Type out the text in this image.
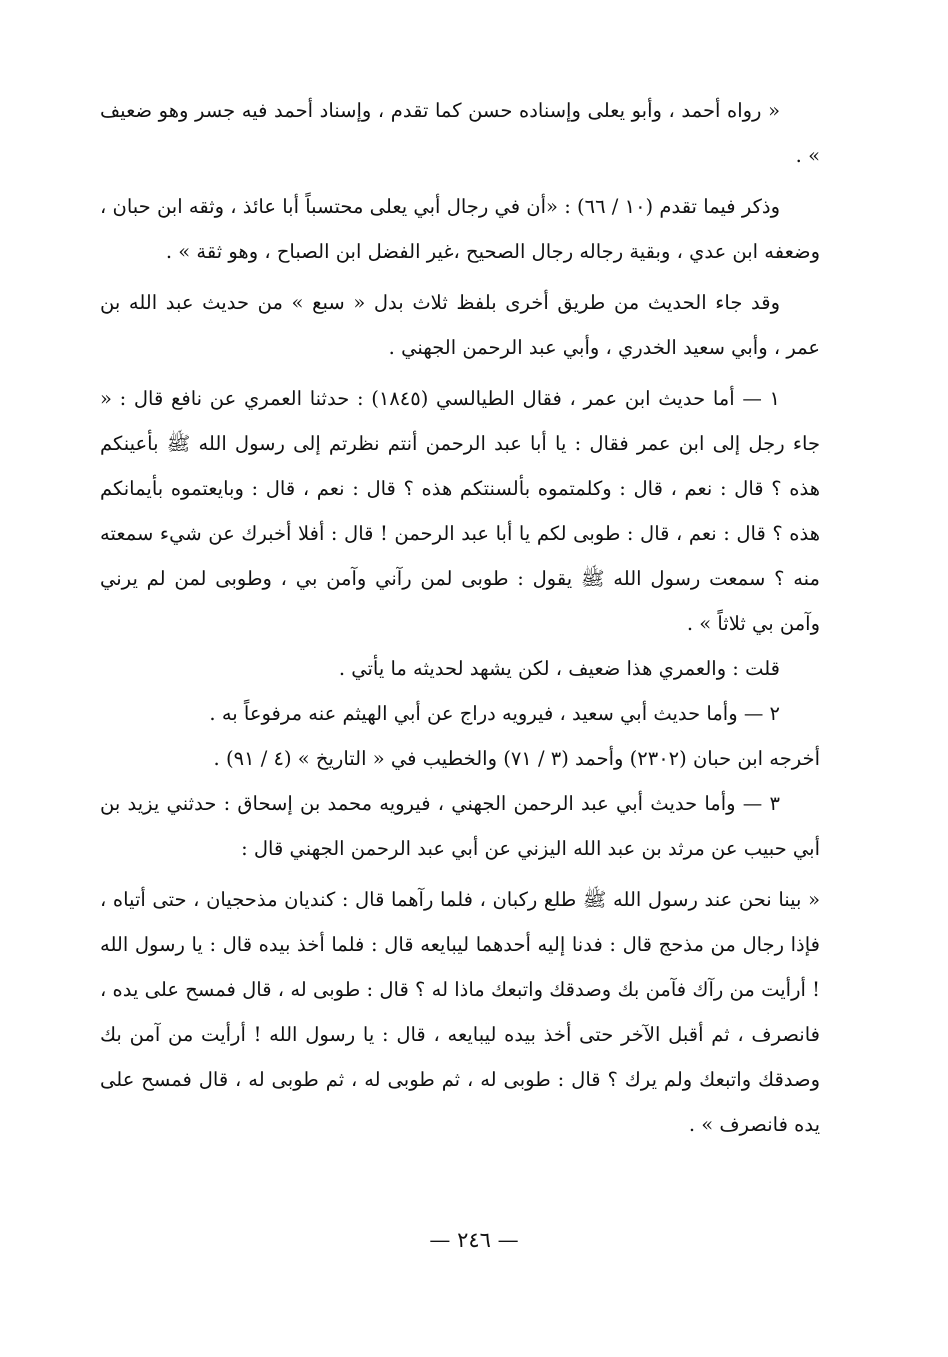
« رواه أحمد ، وأبو يعلى وإسناده حسن كما تقدم ، وإسناد أحمد فيه جسر وهو ضعيف » .

وذكر فيما تقدم (١٠ / ٦٦) : «أن في رجال أبي يعلى محتسباً أبا عائذ ، وثقه ابن حبان ، وضعفه ابن عدي ، وبقية رجاله رجال الصحيح ،غير الفضل ابن الصباح ، وهو ثقة » .

وقد جاء الحديث من طريق أخرى بلفظ ثلاث بدل « سبع » من حديث عبد الله بن عمر ، وأبي سعيد الخدري ، وأبي عبد الرحمن الجهني .

١ — أما حديث ابن عمر ، فقال الطيالسي (١٨٤٥) : حدثنا العمري عن نافع قال : « جاء رجل إلى ابن عمر فقال : يا أبا عبد الرحمن أنتم نظرتم إلى رسول الله ﷺ بأعينكم هذه ؟ قال : نعم ، قال : وكلمتموه بألسنتكم هذه ؟ قال : نعم ، قال : وبايعتموه بأيمانكم هذه ؟ قال : نعم ، قال : طوبى لكم يا أبا عبد الرحمن ! قال : أفلا أخبرك عن شيء سمعته منه ؟ سمعت رسول الله ﷺ يقول : طوبى لمن رآني وآمن بي ، وطوبى لمن لم يرني وآمن بي ثلاثاً » .

قلت : والعمري هذا ضعيف ، لكن يشهد لحديثه ما يأتي .

٢ — وأما حديث أبي سعيد ، فيرويه دراج عن أبي الهيثم عنه مرفوعاً به .

أخرجه ابن حبان (٢٣٠٢) وأحمد (٣ / ٧١) والخطيب في « التاريخ » (٤ / ٩١) .

٣ — وأما حديث أبي عبد الرحمن الجهني ، فيرويه محمد بن إسحاق : حدثني يزيد بن أبي حبيب عن مرثد بن عبد الله اليزني عن أبي عبد الرحمن الجهني قال :

« بينا نحن عند رسول الله ﷺ طلع ركبان ، فلما رآهما قال : كنديان مذحجيان ، حتى أتياه ، فإذا رجال من مذحج قال : فدنا إليه أحدهما ليبايعه قال : فلما أخذ بيده قال : يا رسول الله ! أرأيت من رآك فآمن بك وصدقك واتبعك ماذا له ؟ قال : طوبى له ، قال فمسح على يده ، فانصرف ، ثم أقبل الآخر حتى أخذ بيده ليبايعه ، قال : يا رسول الله ! أرأيت من آمن بك وصدقك واتبعك ولم يرك ؟ قال : طوبى له ، ثم طوبى له ، ثم طوبى له ، قال فمسح على يده فانصرف » .

— ٢٤٦ —
